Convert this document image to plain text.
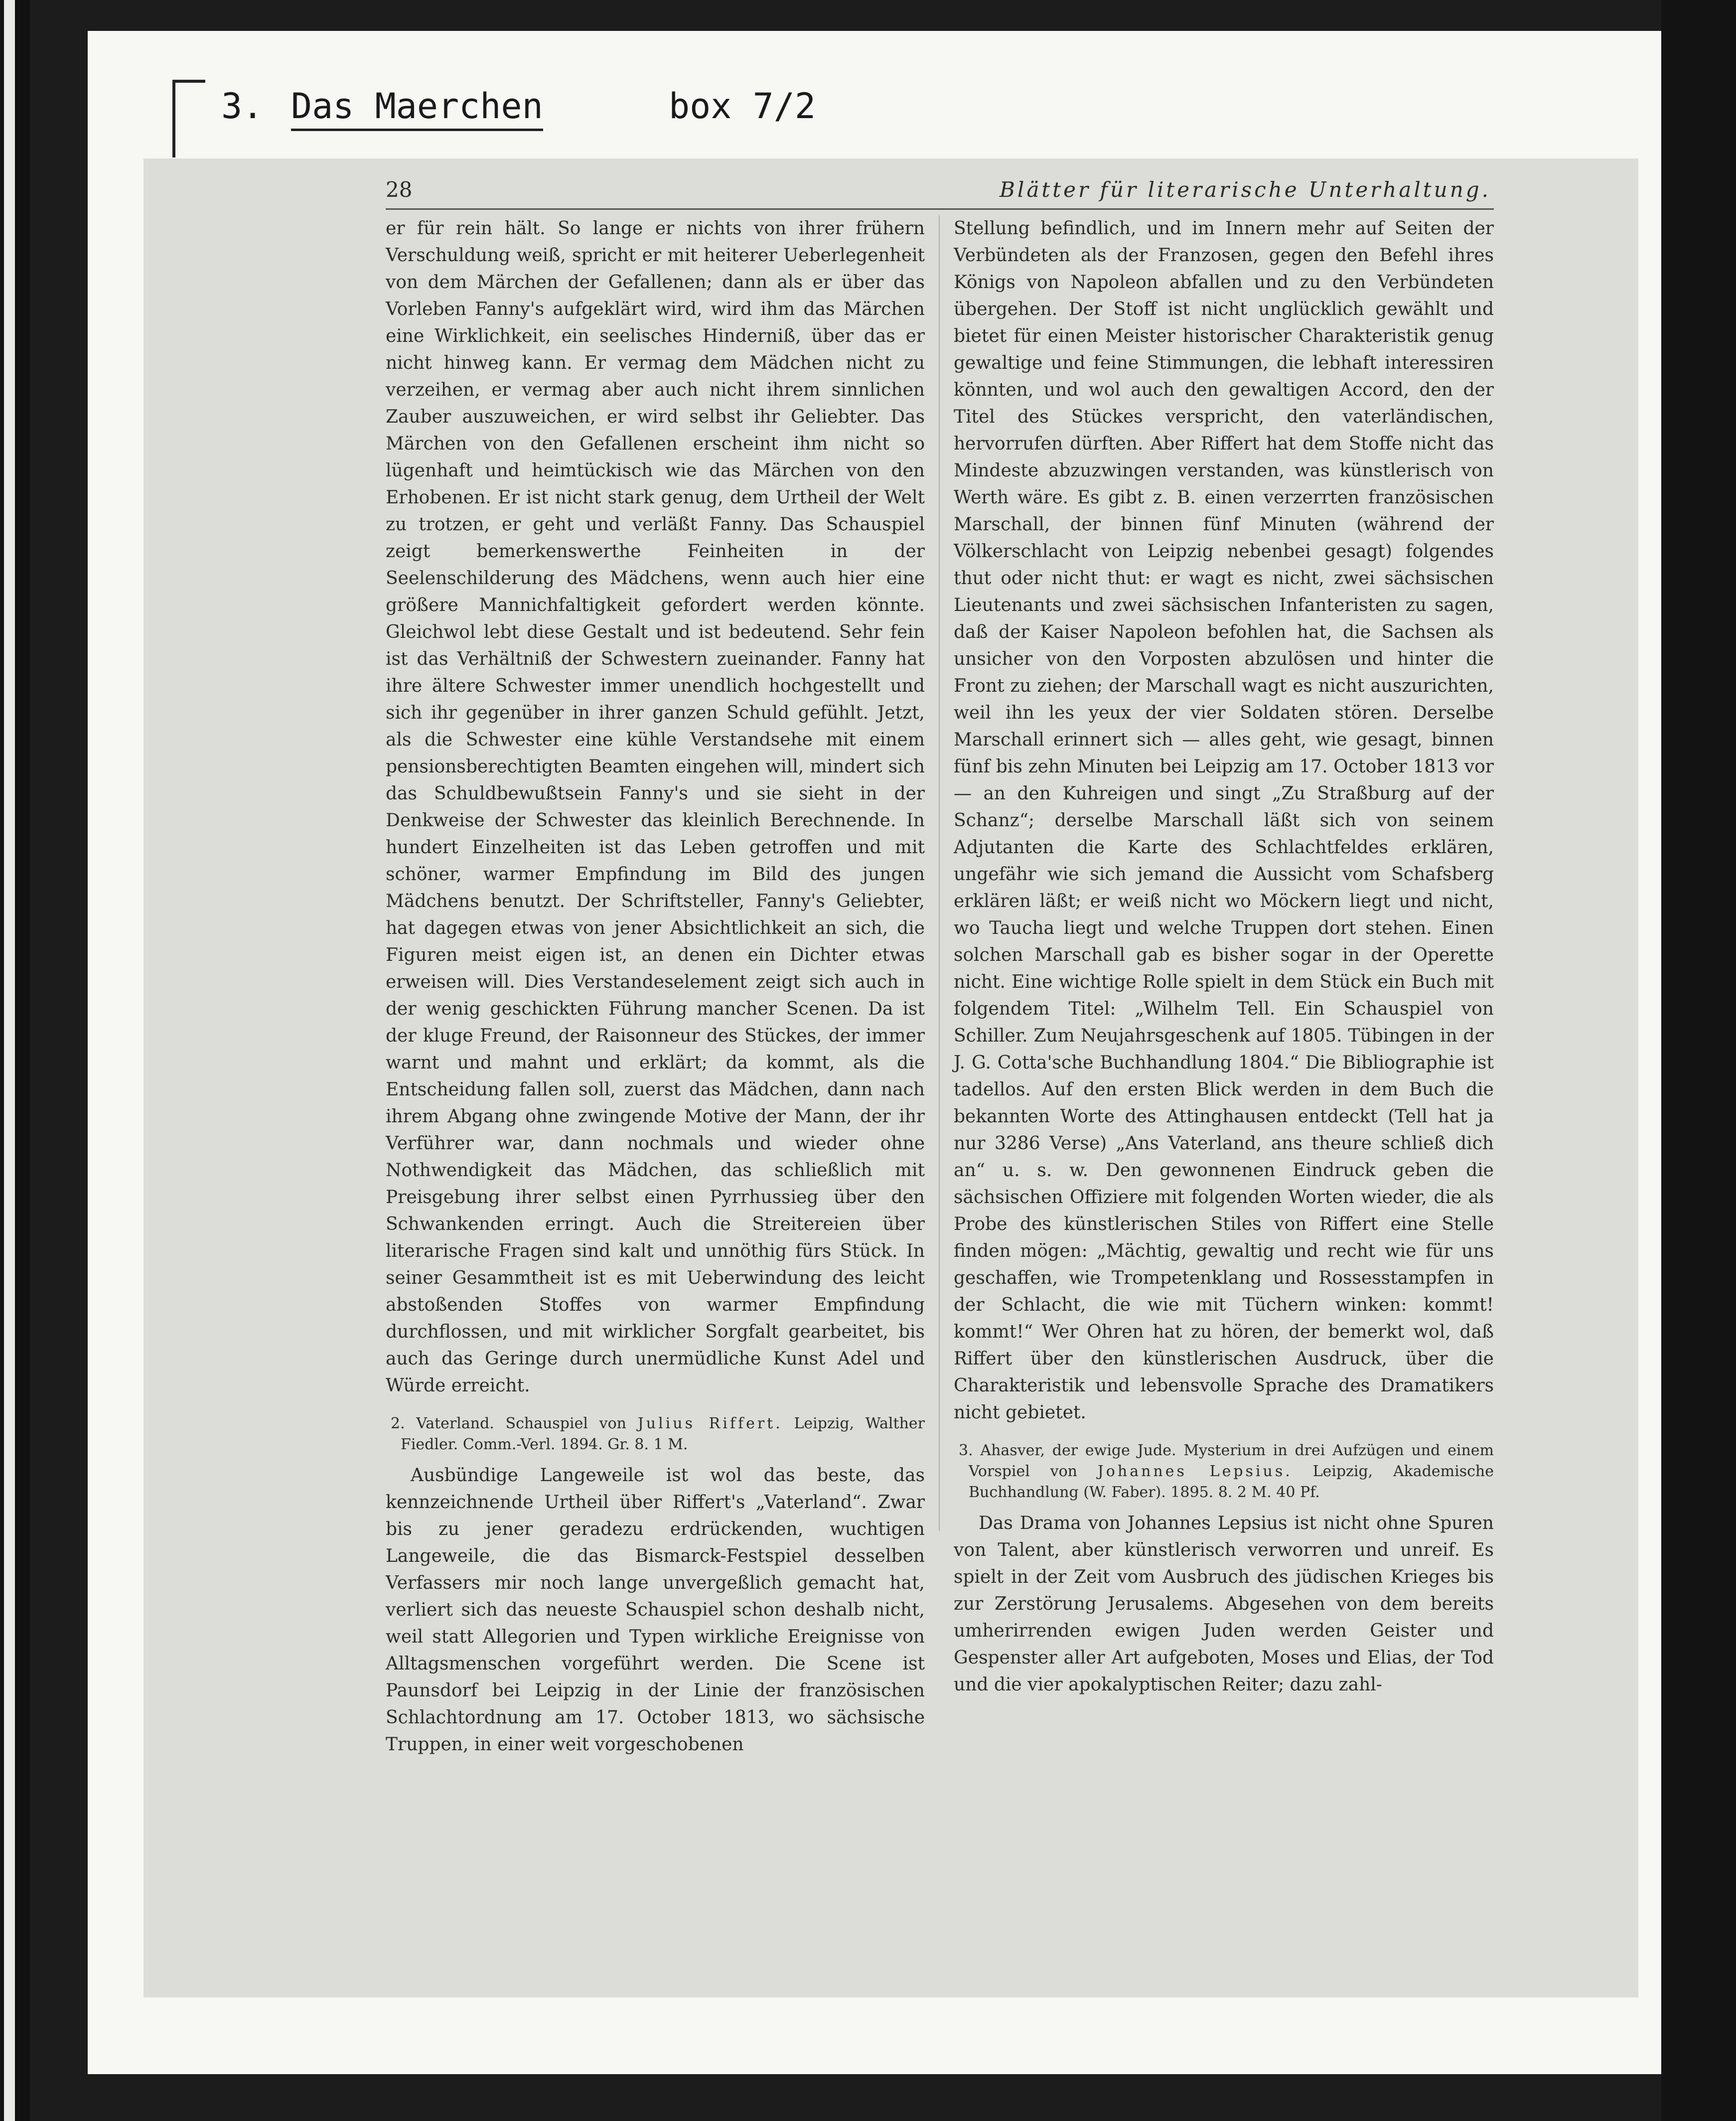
3. Das Maerchen	box 7/2
28	Blätter für literarische Unterhaltung.

er für rein hält. So lange er nichts von ihrer frühern Verschuldung weiß, spricht er mit heiterer Ueberlegenheit von dem Märchen der Gefallenen; dann als er über das Vorleben Fanny's aufgeklärt wird, wird ihm das Märchen eine Wirklichkeit, ein seelisches Hinderniß, über das er nicht hinweg kann. Er vermag dem Mädchen nicht zu verzeihen, er vermag aber auch nicht ihrem sinnlichen Zauber auszuweichen, er wird selbst ihr Geliebter. Das Märchen von den Gefallenen erscheint ihm nicht so lügenhaft und heimtückisch wie das Märchen von den Erhobenen. Er ist nicht stark genug, dem Urtheil der Welt zu trotzen, er geht und verläßt Fanny. Das Schauspiel zeigt bemerkenswerthe Feinheiten in der Seelenschilderung des Mädchens, wenn auch hier eine größere Mannichfaltigkeit gefordert werden könnte. Gleichwol lebt diese Gestalt und ist bedeutend. Sehr fein ist das Verhältniß der Schwestern zueinander. Fanny hat ihre ältere Schwester immer unendlich hochgestellt und sich ihr gegenüber in ihrer ganzen Schuld gefühlt. Jetzt, als die Schwester eine kühle Verstandsehe mit einem pensionsberechtigten Beamten eingehen will, mindert sich das Schuldbewußtsein Fanny's und sie sieht in der Denkweise der Schwester das kleinlich Berechnende. In hundert Einzelheiten ist das Leben getroffen und mit schöner, warmer Empfindung im Bild des jungen Mädchens benutzt. Der Schriftsteller, Fanny's Geliebter, hat dagegen etwas von jener Absichtlichkeit an sich, die Figuren meist eigen ist, an denen ein Dichter etwas erweisen will. Dies Verstandeselement zeigt sich auch in der wenig geschickten Führung mancher Scenen. Da ist der kluge Freund, der Raisonneur des Stückes, der immer warnt und mahnt und erklärt; da kommt, als die Entscheidung fallen soll, zuerst das Mädchen, dann nach ihrem Abgang ohne zwingende Motive der Mann, der ihr Verführer war, dann nochmals und wieder ohne Nothwendigkeit das Mädchen, das schließlich mit Preisgebung ihrer selbst einen Pyrrhussieg über den Schwankenden erringt. Auch die Streitereien über literarische Fragen sind kalt und unnöthig fürs Stück. In seiner Gesammtheit ist es mit Ueberwindung des leicht abstoßenden Stoffes von warmer Empfindung durchflossen, und mit wirklicher Sorgfalt gearbeitet, bis auch das Geringe durch unermüdliche Kunst Adel und Würde erreicht.

2. Vaterland. Schauspiel von Julius Riffert. Leipzig, Walther Fiedler. Comm.-Verl. 1894. Gr. 8. 1 M.

Ausbündige Langeweile ist wol das beste, das kennzeichnende Urtheil über Riffert's „Vaterland“. Zwar bis zu jener geradezu erdrückenden, wuchtigen Langeweile, die das Bismarck-Festspiel desselben Verfassers mir noch lange unvergeßlich gemacht hat, verliert sich das neueste Schauspiel schon deshalb nicht, weil statt Allegorien und Typen wirkliche Ereignisse von Alltagsmenschen vorgeführt werden. Die Scene ist Paunsdorf bei Leipzig in der Linie der französischen Schlachtordnung am 17. October 1813, wo sächsische Truppen, in einer weit vorgeschobenen

Stellung befindlich, und im Innern mehr auf Seiten der Verbündeten als der Franzosen, gegen den Befehl ihres Königs von Napoleon abfallen und zu den Verbündeten übergehen. Der Stoff ist nicht unglücklich gewählt und bietet für einen Meister historischer Charakteristik genug gewaltige und feine Stimmungen, die lebhaft interessiren könnten, und wol auch den gewaltigen Accord, den der Titel des Stückes verspricht, den vaterländischen, hervorrufen dürften. Aber Riffert hat dem Stoffe nicht das Mindeste abzuzwingen verstanden, was künstlerisch von Werth wäre. Es gibt z. B. einen verzerrten französischen Marschall, der binnen fünf Minuten (während der Völkerschlacht von Leipzig nebenbei gesagt) folgendes thut oder nicht thut: er wagt es nicht, zwei sächsischen Lieutenants und zwei sächsischen Infanteristen zu sagen, daß der Kaiser Napoleon befohlen hat, die Sachsen als unsicher von den Vorposten abzulösen und hinter die Front zu ziehen; der Marschall wagt es nicht auszurichten, weil ihn les yeux der vier Soldaten stören. Derselbe Marschall erinnert sich — alles geht, wie gesagt, binnen fünf bis zehn Minuten bei Leipzig am 17. October 1813 vor — an den Kuhreigen und singt „Zu Straßburg auf der Schanz“; derselbe Marschall läßt sich von seinem Adjutanten die Karte des Schlachtfeldes erklären, ungefähr wie sich jemand die Aussicht vom Schafsberg erklären läßt; er weiß nicht wo Möckern liegt und nicht, wo Taucha liegt und welche Truppen dort stehen. Einen solchen Marschall gab es bisher sogar in der Operette nicht. Eine wichtige Rolle spielt in dem Stück ein Buch mit folgendem Titel: „Wilhelm Tell. Ein Schauspiel von Schiller. Zum Neujahrsgeschenk auf 1805. Tübingen in der J. G. Cotta'sche Buchhandlung 1804.“ Die Bibliographie ist tadellos. Auf den ersten Blick werden in dem Buch die bekannten Worte des Attinghausen entdeckt (Tell hat ja nur 3286 Verse) „Ans Vaterland, ans theure schließ dich an“ u. s. w. Den gewonnenen Eindruck geben die sächsischen Offiziere mit folgenden Worten wieder, die als Probe des künstlerischen Stiles von Riffert eine Stelle finden mögen: „Mächtig, gewaltig und recht wie für uns geschaffen, wie Trompetenklang und Rossesstampfen in der Schlacht, die wie mit Tüchern winken: kommt! kommt!“ Wer Ohren hat zu hören, der bemerkt wol, daß Riffert über den künstlerischen Ausdruck, über die Charakteristik und lebensvolle Sprache des Dramatikers nicht gebietet.

3. Ahasver, der ewige Jude. Mysterium in drei Aufzügen und einem Vorspiel von Johannes Lepsius. Leipzig, Akademische Buchhandlung (W. Faber). 1895. 8. 2 M. 40 Pf.

Das Drama von Johannes Lepsius ist nicht ohne Spuren von Talent, aber künstlerisch verworren und unreif. Es spielt in der Zeit vom Ausbruch des jüdischen Krieges bis zur Zerstörung Jerusalems. Abgesehen von dem bereits umherirrenden ewigen Juden werden Geister und Gespenster aller Art aufgeboten, Moses und Elias, der Tod und die vier apokalyptischen Reiter; dazu zahl-
